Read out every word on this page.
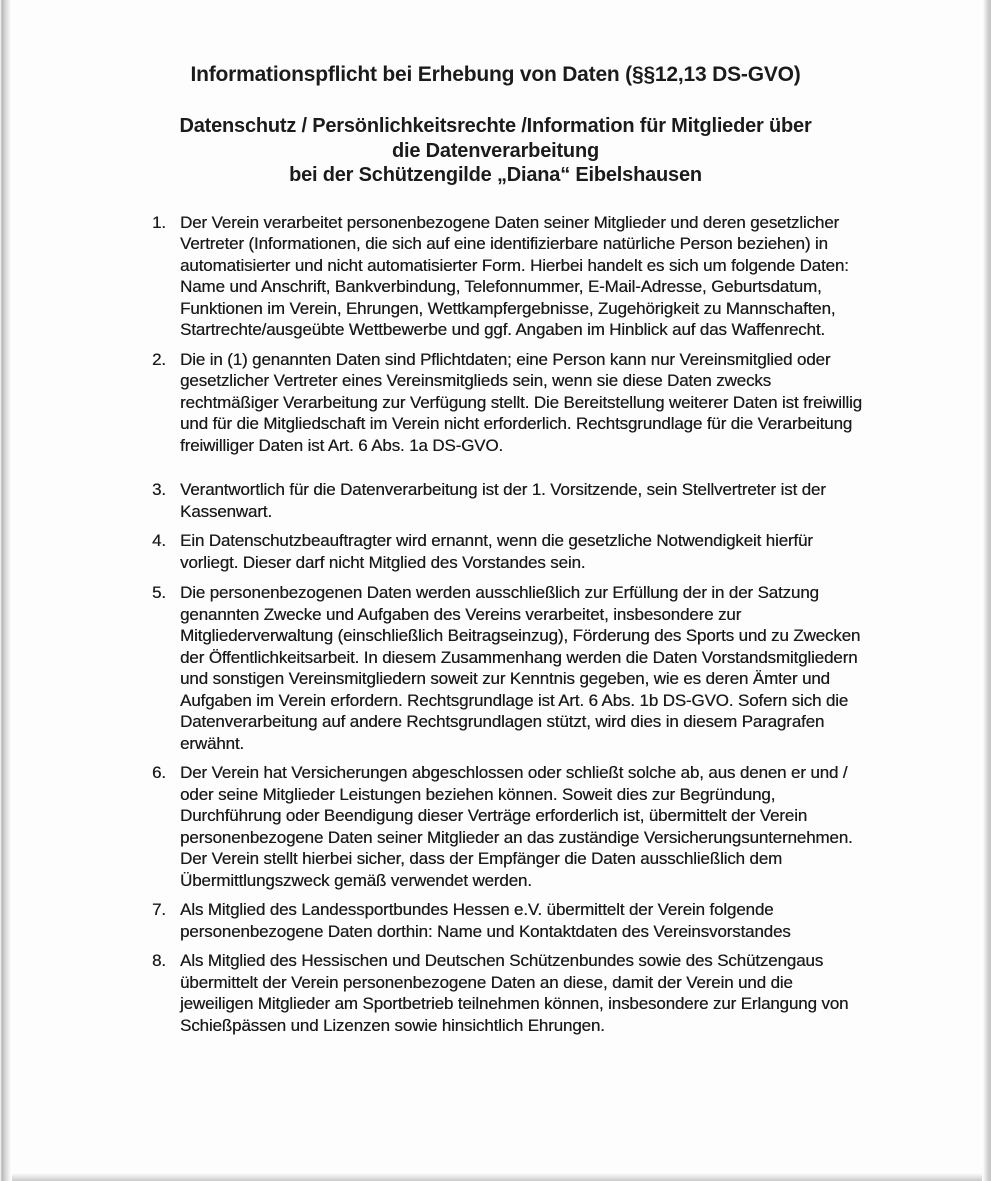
Informationspflicht bei Erhebung von Daten (§§12,13 DS-GVO)
Datenschutz / Persönlichkeitsrechte /Information für Mitglieder über
die Datenverarbeitung
bei der Schützengilde „Diana“ Eibelshausen
1. Der Verein verarbeitet personenbezogene Daten seiner Mitglieder und deren gesetzlicher Vertreter (Informationen, die sich auf eine identifizierbare natürliche Person beziehen) in automatisierter und nicht automatisierter Form. Hierbei handelt es sich um folgende Daten: Name und Anschrift, Bankverbindung, Telefonnummer, E-Mail-Adresse, Geburtsdatum, Funktionen im Verein, Ehrungen, Wettkampfergebnisse, Zugehörigkeit zu Mannschaften, Startrechte/ausgeübte Wettbewerbe und ggf. Angaben im Hinblick auf das Waffenrecht.
2. Die in (1) genannten Daten sind Pflichtdaten; eine Person kann nur Vereinsmitglied oder gesetzlicher Vertreter eines Vereinsmitglieds sein, wenn sie diese Daten zwecks rechtmäßiger Verarbeitung zur Verfügung stellt. Die Bereitstellung weiterer Daten ist freiwillig und für die Mitgliedschaft im Verein nicht erforderlich. Rechtsgrundlage für die Verarbeitung freiwilliger Daten ist Art. 6 Abs. 1a DS-GVO.
3. Verantwortlich für die Datenverarbeitung ist der 1. Vorsitzende, sein Stellvertreter ist der Kassenwart.
4. Ein Datenschutzbeauftragter wird ernannt, wenn die gesetzliche Notwendigkeit hierfür vorliegt. Dieser darf nicht Mitglied des Vorstandes sein.
5. Die personenbezogenen Daten werden ausschließlich zur Erfüllung der in der Satzung genannten Zwecke und Aufgaben des Vereins verarbeitet, insbesondere zur Mitgliederverwaltung (einschließlich Beitragseinzug), Förderung des Sports und zu Zwecken der Öffentlichkeitsarbeit. In diesem Zusammenhang werden die Daten Vorstandsmitgliedern und sonstigen Vereinsmitgliedern soweit zur Kenntnis gegeben, wie es deren Ämter und Aufgaben im Verein erfordern. Rechtsgrundlage ist Art. 6 Abs. 1b DS-GVO. Sofern sich die Datenverarbeitung auf andere Rechtsgrundlagen stützt, wird dies in diesem Paragrafen erwähnt.
6. Der Verein hat Versicherungen abgeschlossen oder schließt solche ab, aus denen er und / oder seine Mitglieder Leistungen beziehen können. Soweit dies zur Begründung, Durchführung oder Beendigung dieser Verträge erforderlich ist, übermittelt der Verein personenbezogene Daten seiner Mitglieder an das zuständige Versicherungsunternehmen. Der Verein stellt hierbei sicher, dass der Empfänger die Daten ausschließlich dem Übermittlungszweck gemäß verwendet werden.
7. Als Mitglied des Landessportbundes Hessen e.V. übermittelt der Verein folgende personenbezogene Daten dorthin: Name und Kontaktdaten des Vereinsvorstandes
8. Als Mitglied des Hessischen und Deutschen Schützenbundes sowie des Schützengaus übermittelt der Verein personenbezogene Daten an diese, damit der Verein und die jeweiligen Mitglieder am Sportbetrieb teilnehmen können, insbesondere zur Erlangung von Schießpässen und Lizenzen sowie hinsichtlich Ehrungen.
